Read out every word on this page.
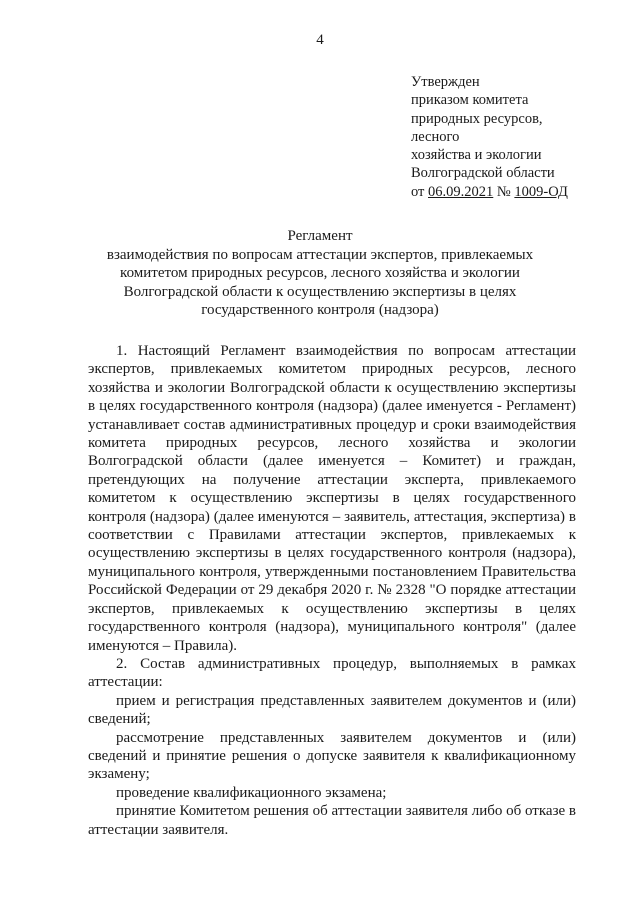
4
Утвержден
приказом комитета
природных ресурсов,
лесного
хозяйства и экологии
Волгоградской области
от 06.09.2021 № 1009-ОД
Регламент
взаимодействия по вопросам аттестации экспертов, привлекаемых
комитетом природных ресурсов, лесного хозяйства и экологии
Волгоградской области к осуществлению экспертизы в целях
государственного контроля (надзора)

1. Настоящий Регламент взаимодействия по вопросам аттестации экспертов, привлекаемых комитетом природных ресурсов, лесного хозяйства и экологии Волгоградской области к осуществлению экспертизы в целях государственного контроля (надзора) (далее именуется - Регламент) устанавливает состав административных процедур и сроки взаимодействия комитета природных ресурсов, лесного хозяйства и экологии Волгоградской области (далее именуется – Комитет) и граждан, претендующих на получение аттестации эксперта, привлекаемого комитетом к осуществлению экспертизы в целях государственного контроля (надзора) (далее именуются – заявитель, аттестация, экспертиза) в соответствии с Правилами аттестации экспертов, привлекаемых к осуществлению экспертизы в целях государственного контроля (надзора), муниципального контроля, утвержденными постановлением Правительства Российской Федерации от 29 декабря 2020 г. № 2328 "О порядке аттестации экспертов, привлекаемых к осуществлению экспертизы в целях государственного контроля (надзора), муниципального контроля" (далее именуются – Правила).

2. Состав административных процедур, выполняемых в рамках аттестации:

прием и регистрация представленных заявителем документов и (или) сведений;

рассмотрение представленных заявителем документов и (или) сведений и принятие решения о допуске заявителя к квалификационному экзамену;

проведение квалификационного экзамена;

принятие Комитетом решения об аттестации заявителя либо об отказе в аттестации заявителя.
